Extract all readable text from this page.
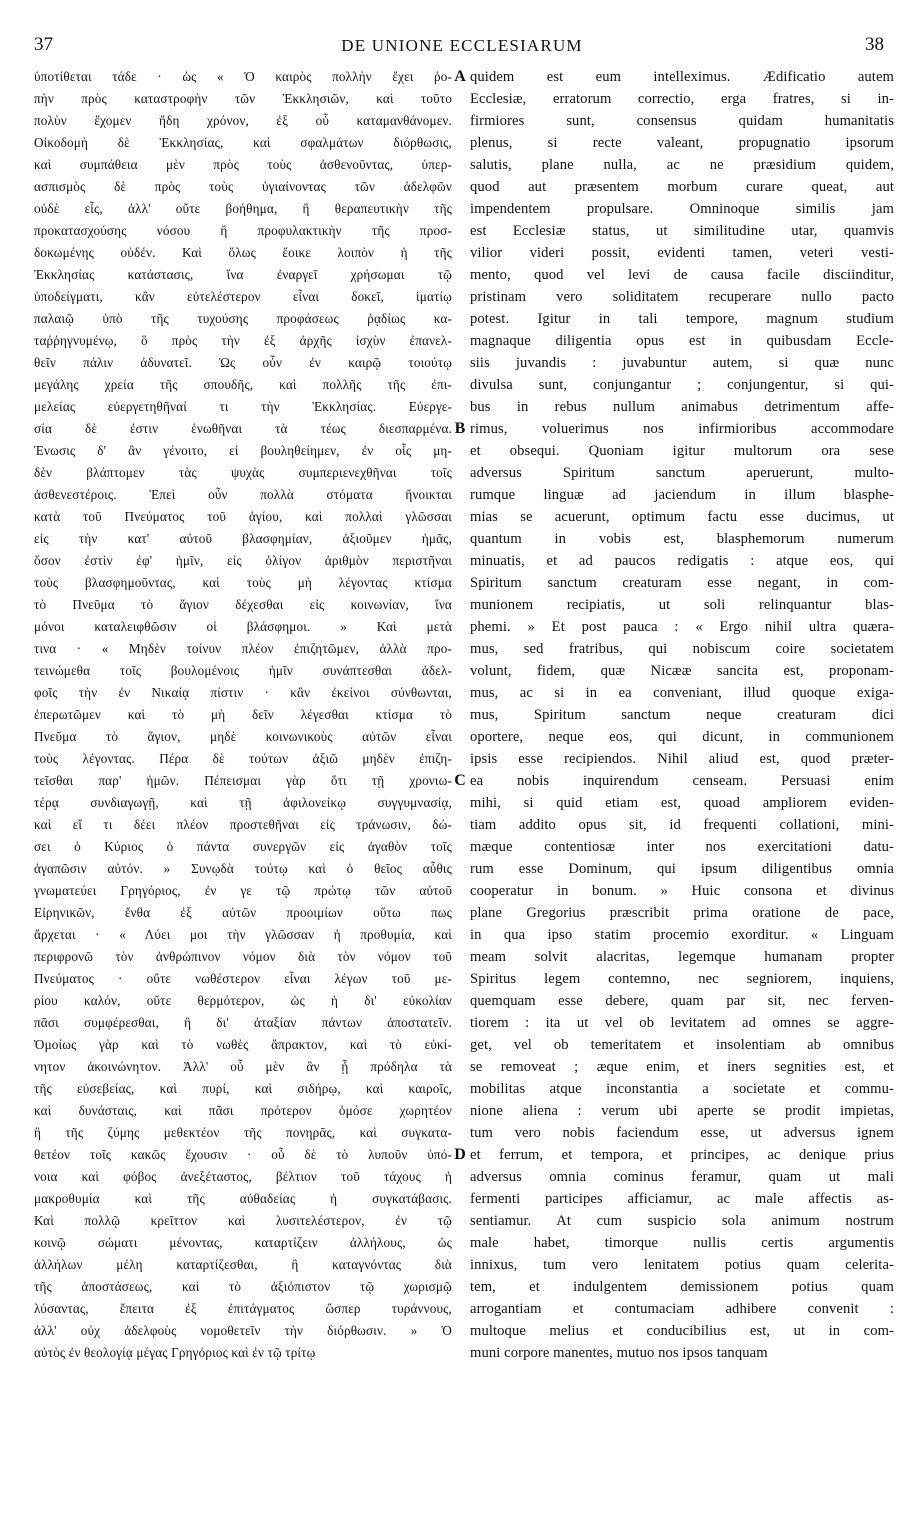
37	DE UNIONE ECCLESIARUM	38
ὑποτίθεται τάδε · ὡς « Ὁ καιρὸς πολλὴν ἔχει ῥο-
πὴν πρὸς καταστροφὴν τῶν Ἐκκλησιῶν, καὶ τοῦτο
πολὺν ἔχομεν ἤδη χρόνον, ἐξ οὗ καταμανθάνομεν.
Οἰκοδομὴ δὲ Ἐκκλησίας, καὶ σφαλμάτων διόρθωσις,
καὶ συμπάθεια μὲν πρὸς τοὺς ἀσθενοῦντας, ὑπερ-
ασπισμὸς δὲ πρὸς τοὺς ὑγιαίνοντας τῶν ἀδελφῶν
οὐδὲ εἷς, ἀλλ' οὔτε βοήθημα, ἢ θεραπευτικὴν τῆς
προκατασχούσης νόσου ἢ προφυλακτικὴν τῆς προσ-
δοκωμένης οὐδέν. Καὶ ὅλως ἔοικε λοιπὸν ἡ τῆς
Ἐκκλησίας κατάστασις, ἵνα ἐναργεῖ χρήσωμαι τῷ
ὑποδείγματι, κἂν εὐτελέστερον εἶναι δοκεῖ, ἱματίῳ
παλαιῷ ὑπὸ τῆς τυχούσης προφάσεως ῥᾳδίως κα-
ταῤῥηγνυμένῳ, ὃ πρὸς τὴν ἐξ ἀρχῆς ἰσχὺν ἐπανελ-
θεῖν πάλιν ἀδυνατεῖ. Ὡς οὖν ἐν καιρῷ τοιούτῳ
μεγάλης χρεία τῆς σπουδῆς, καὶ πολλῆς τῆς ἐπι-
μελείας εὐεργετηθῆναί τι τὴν Ἐκκλησίας. Εὐεργε-
σία δὲ ἐστιν ἑνωθῆναι τὰ τέως διεσπαρμένα.
Ἑνωσις δ' ἂν γένοιτο, εἰ βουληθείημεν, ἐν οἷς μη-
δὲν βλάπτομεν τὰς ψυχὰς συμπεριενεχθῆναι τοῖς
ἀσθενεστέροις. Ἐπεὶ οὖν πολλὰ στόματα ἤνοικται
κατὰ τοῦ Πνεύματος τοῦ ἁγίου, καὶ πολλαὶ γλῶσσαι
εἰς τὴν κατ' αὐτοῦ βλασφημίαν, ἀξιοῦμεν ἡμᾶς,
ὅσον ἐστὶν ἐφ' ἡμῖν, εἰς ὀλίγον ἀριθμὸν περιστῆναι
τοὺς βλασφημοῦντας, καὶ τοὺς μὴ λέγοντας κτίσμα
τὸ Πνεῦμα τὸ ἅγιον δέχεσθαι εἰς κοινωνίαν, ἵνα
μόνοι καταλειφθῶσιν οἱ βλάσφημοι. » Καὶ μετὰ
τινα · « Μηδὲν τοίνυν πλέον ἐπιζητῶμεν, ἀλλὰ προ-
τεινώμεθα τοῖς βουλομένοις ἡμῖν συνάπτεσθαι ἀδελ-
φοῖς τὴν ἐν Νικαίᾳ πίστιν · κἂν ἐκείνοι σύνθωνται,
ἐπερωτῶμεν καὶ τὸ μὴ δεῖν λέγεσθαι κτίσμα τὸ
Πνεῦμα τὸ ἅγιον, μηδὲ κοινωνικοὺς αὐτῶν εἶναι
τοὺς λέγοντας. Πέρα δὲ τούτων ἀξιῶ μηδὲν ἐπιζη-
τεῖσθαι παρ' ἡμῶν. Πέπεισμαι γὰρ ὅτι τῇ χρονιω-
τέρᾳ συνδιαγωγῇ, καὶ τῇ ἀφιλονείκῳ συγγυμνασίᾳ,
καὶ εἴ τι δέει πλέον προστεθῆναι εἰς τράνωσιν, δώ-
σει ὁ Κύριος ὁ πάντα συνεργῶν εἰς ἀγαθὸν τοῖς
ἀγαπῶσιν αὐτόν. » Συνῳδὰ τούτῳ καὶ ὁ θεῖος αὖθις
γνωματεύει Γρηγόριος, ἐν γε τῷ πρώτῳ τῶν αὐτοῦ
Εἰρηνικῶν, ἔνθα ἐξ αὐτῶν προοιμίων οὕτω πως
ἄρχεται · « Λύει μοι τὴν γλῶσσαν ἡ προθυμία, καὶ
περιφρονῶ τὸν ἀνθρώπινον νόμον διὰ τὸν νόμον τοῦ
Πνεύματος · οὔτε νωθέστερον εἶναι λέγων τοῦ με-
ρίου καλόν, οὔτε θερμότερον, ὡς ἡ δι' εὐκολίαν
πᾶσι συμφέρεσθαι, ἢ δι' ἀταξίαν πάντων ἀποστατεῖν.
Ὁμοίως γὰρ καὶ τὸ νωθὲς ἄπρακτον, καὶ τὸ εὐκί-
νητον ἀκοινώνητον. Ἀλλ' οὗ μὲν ἂν ᾖ πρόδηλα τὰ
τῆς εὐσεβείας, καὶ πυρί, καὶ σιδήρῳ, καὶ καιροῖς,
καὶ δυνάσταις, καὶ πᾶσι πρότερον ὁμόσε χωρητέον
ἢ τῆς ζύμης μεθεκτέον τῆς πονηρᾶς, καὶ συγκατα-
θετέον τοῖς κακῶς ἔχουσιν · οὗ δὲ τὸ λυποῦν ὑπό-
νοια καὶ φόβος ἀνεξέταστος, βέλτιον τοῦ τάχους ἡ
μακροθυμία καὶ τῆς αὐθαδείας ἡ συγκατάβασις.
Καὶ πολλῷ κρεῖττον καὶ λυσιτελέστερον, ἐν τῷ
κοινῷ σώματι μένοντας, καταρτίζειν ἀλλήλους, ὡς
ἀλλήλων μέλη καταρτίζεσθαι, ἢ καταγνόντας διὰ
τῆς ἀποστάσεως, καὶ τὸ ἀξιόπιστον τῷ χωρισμῷ
λύσαντας, ἔπειτα ἐξ ἐπιτάγματος ὥσπερ τυράννους,
ἀλλ' οὐχ ἀδελφοὺς νομοθετεῖν τὴν διόρθωσιν. » Ὁ
αὐτὸς ἐν θεολογίᾳ μέγας Γρηγόριος καὶ ἐν τῷ τρίτῳ
A
B
C
D
quidem est eum intelleximus. Ædificatio autem
Ecclesiæ, erratorum correctio, erga fratres, si in-
firmiores sunt, consensus quidam humanitatis
plenus, si recte valeant, propugnatio ipsorum
salutis, plane nulla, ac ne præsidium quidem,
quod aut præsentem morbum curare queat, aut
impendentem propulsare. Omninoque similis jam
est Ecclesiæ status, ut similitudine utar, quamvis
vilior videri possit, evidenti tamen, veteri vesti-
mento, quod vel levi de causa facile disciinditur,
pristinam vero soliditatem recuperare nullo pacto
potest. Igitur in tali tempore, magnum studium
magnaque diligentia opus est in quibusdam Eccle-
siis juvandis : juvabuntur autem, si quæ nunc
divulsa sunt, conjungantur ; conjungentur, si qui-
bus in rebus nullum animabus detrimentum affe-
rimus, voluerimus nos infirmioribus accommodare
et obsequi. Quoniam igitur multorum ora sese
adversus Spiritum sanctum aperuerunt, multo-
rumque linguæ ad jaciendum in illum blasphe-
mias se acuerunt, optimum factu esse ducimus, ut
quantum in vobis est, blasphemorum numerum
minuatis, et ad paucos redigatis : atque eos, qui
Spiritum sanctum creaturam esse negant, in com-
munionem recipiatis, ut soli relinquantur blas-
phemi. » Et post pauca : « Ergo nihil ultra quæra-
mus, sed fratribus, qui nobiscum coire societatem
volunt, fidem, quæ Nicææ sancita est, proponam-
mus, ac si in ea conveniant, illud quoque exiga-
mus, Spiritum sanctum neque creaturam dici
oportere, neque eos, qui dicunt, in communionem
ipsis esse recipiendos. Nihil aliud est, quod præter-
ea nobis inquirendum censeam. Persuasi enim
mihi, si quid etiam est, quoad ampliorem eviden-
tiam addito opus sit, id frequenti collationi, mini-
mæque contentiosæ inter nos exercitationi datu-
rum esse Dominum, qui ipsum diligentibus omnia
cooperatur in bonum. » Huic consona et divinus
plane Gregorius præscribit prima oratione de pace,
in qua ipso statim procemio exorditur. « Linguam
meam solvit alacritas, legemque humanam propter
Spiritus legem contemno, nec segniorem, inquiens,
quemquam esse debere, quam par sit, nec ferven-
tiorem : ita ut vel ob levitatem ad omnes se aggre-
get, vel ob temeritatem et insolentiam ab omnibus
se removeat ; æque enim, et iners segnities est, et
mobilitas atque inconstantia a societate et commu-
nione aliena : verum ubi aperte se prodit impietas,
tum vero nobis faciendum esse, ut adversus ignem
et ferrum, et tempora, et principes, ac denique prius
adversus omnia cominus feramur, quam ut mali
fermenti participes afficiamur, ac male affectis as-
sentiamur. At cum suspicio sola animum nostrum
male habet, timorque nullis certis argumentis
innixus, tum vero lenitatem potius quam celerita-
tem, et indulgentem demissionem potius quam
arrogantiam et contumaciam adhibere convenit :
multoque melius et conducibilius est, ut in com-
muni corpore manentes, mutuo nos ipsos tanquam
